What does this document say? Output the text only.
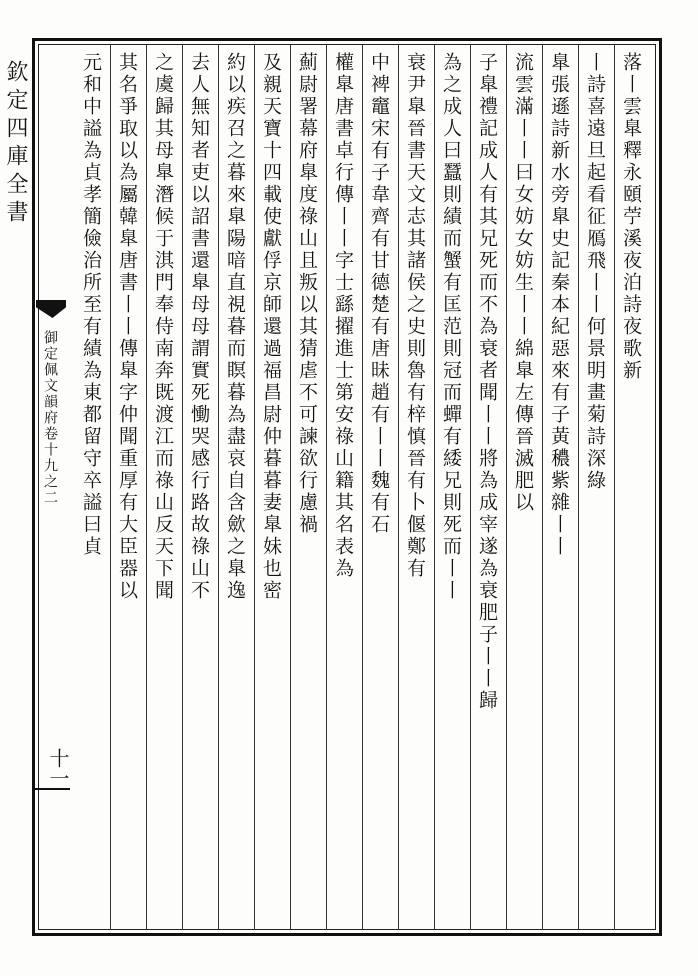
欽定四庫全書
御定佩文韻府卷十九之二
十一
落丨雲臯釋永頤苧溪夜泊詩夜歌新
丨詩喜遠旦起看征鴈飛丨丨何景明畫菊詩深綠
臯張遜詩新水旁臯史記秦本紀惡來有子黃穠紫雜丨丨
流雲滿丨丨曰女妨女妨生丨丨綿臯左傳晉滅肥以
子臯禮記成人有其兄死而不為衰者聞丨丨將為成宰遂為衰肥子丨丨歸
為之成人曰蠶則績而蟹有匡范則冠而蟬有緌兄則死而丨丨
衰尹臯晉書天文志其諸侯之史則魯有梓慎晉有卜偃鄭有
中裨竈宋有子韋齊有甘德楚有唐昧趙有丨丨魏有石
權臯唐書卓行傳丨丨字士繇擢進士第安祿山籍其名表為
薊尉署幕府臯度祿山且叛以其猜虐不可諫欲行慮禍
及親天寶十四載使獻俘京師還過福昌尉仲暮暮妻臯妹也密
約以疾召之暮來臯陽喑直視暮而瞑暮為盡哀自含歛之臯逸
去人無知者吏以詔書還臯母母謂實死慟哭感行路故祿山不
之虞歸其母臯潛候于淇門奉侍南奔既渡江而祿山反天下聞
其名爭取以為屬韓臯唐書丨丨傳臯字仲聞重厚有大臣器以
元和中謚為貞孝簡儉治所至有績為東都留守卒謚曰貞
